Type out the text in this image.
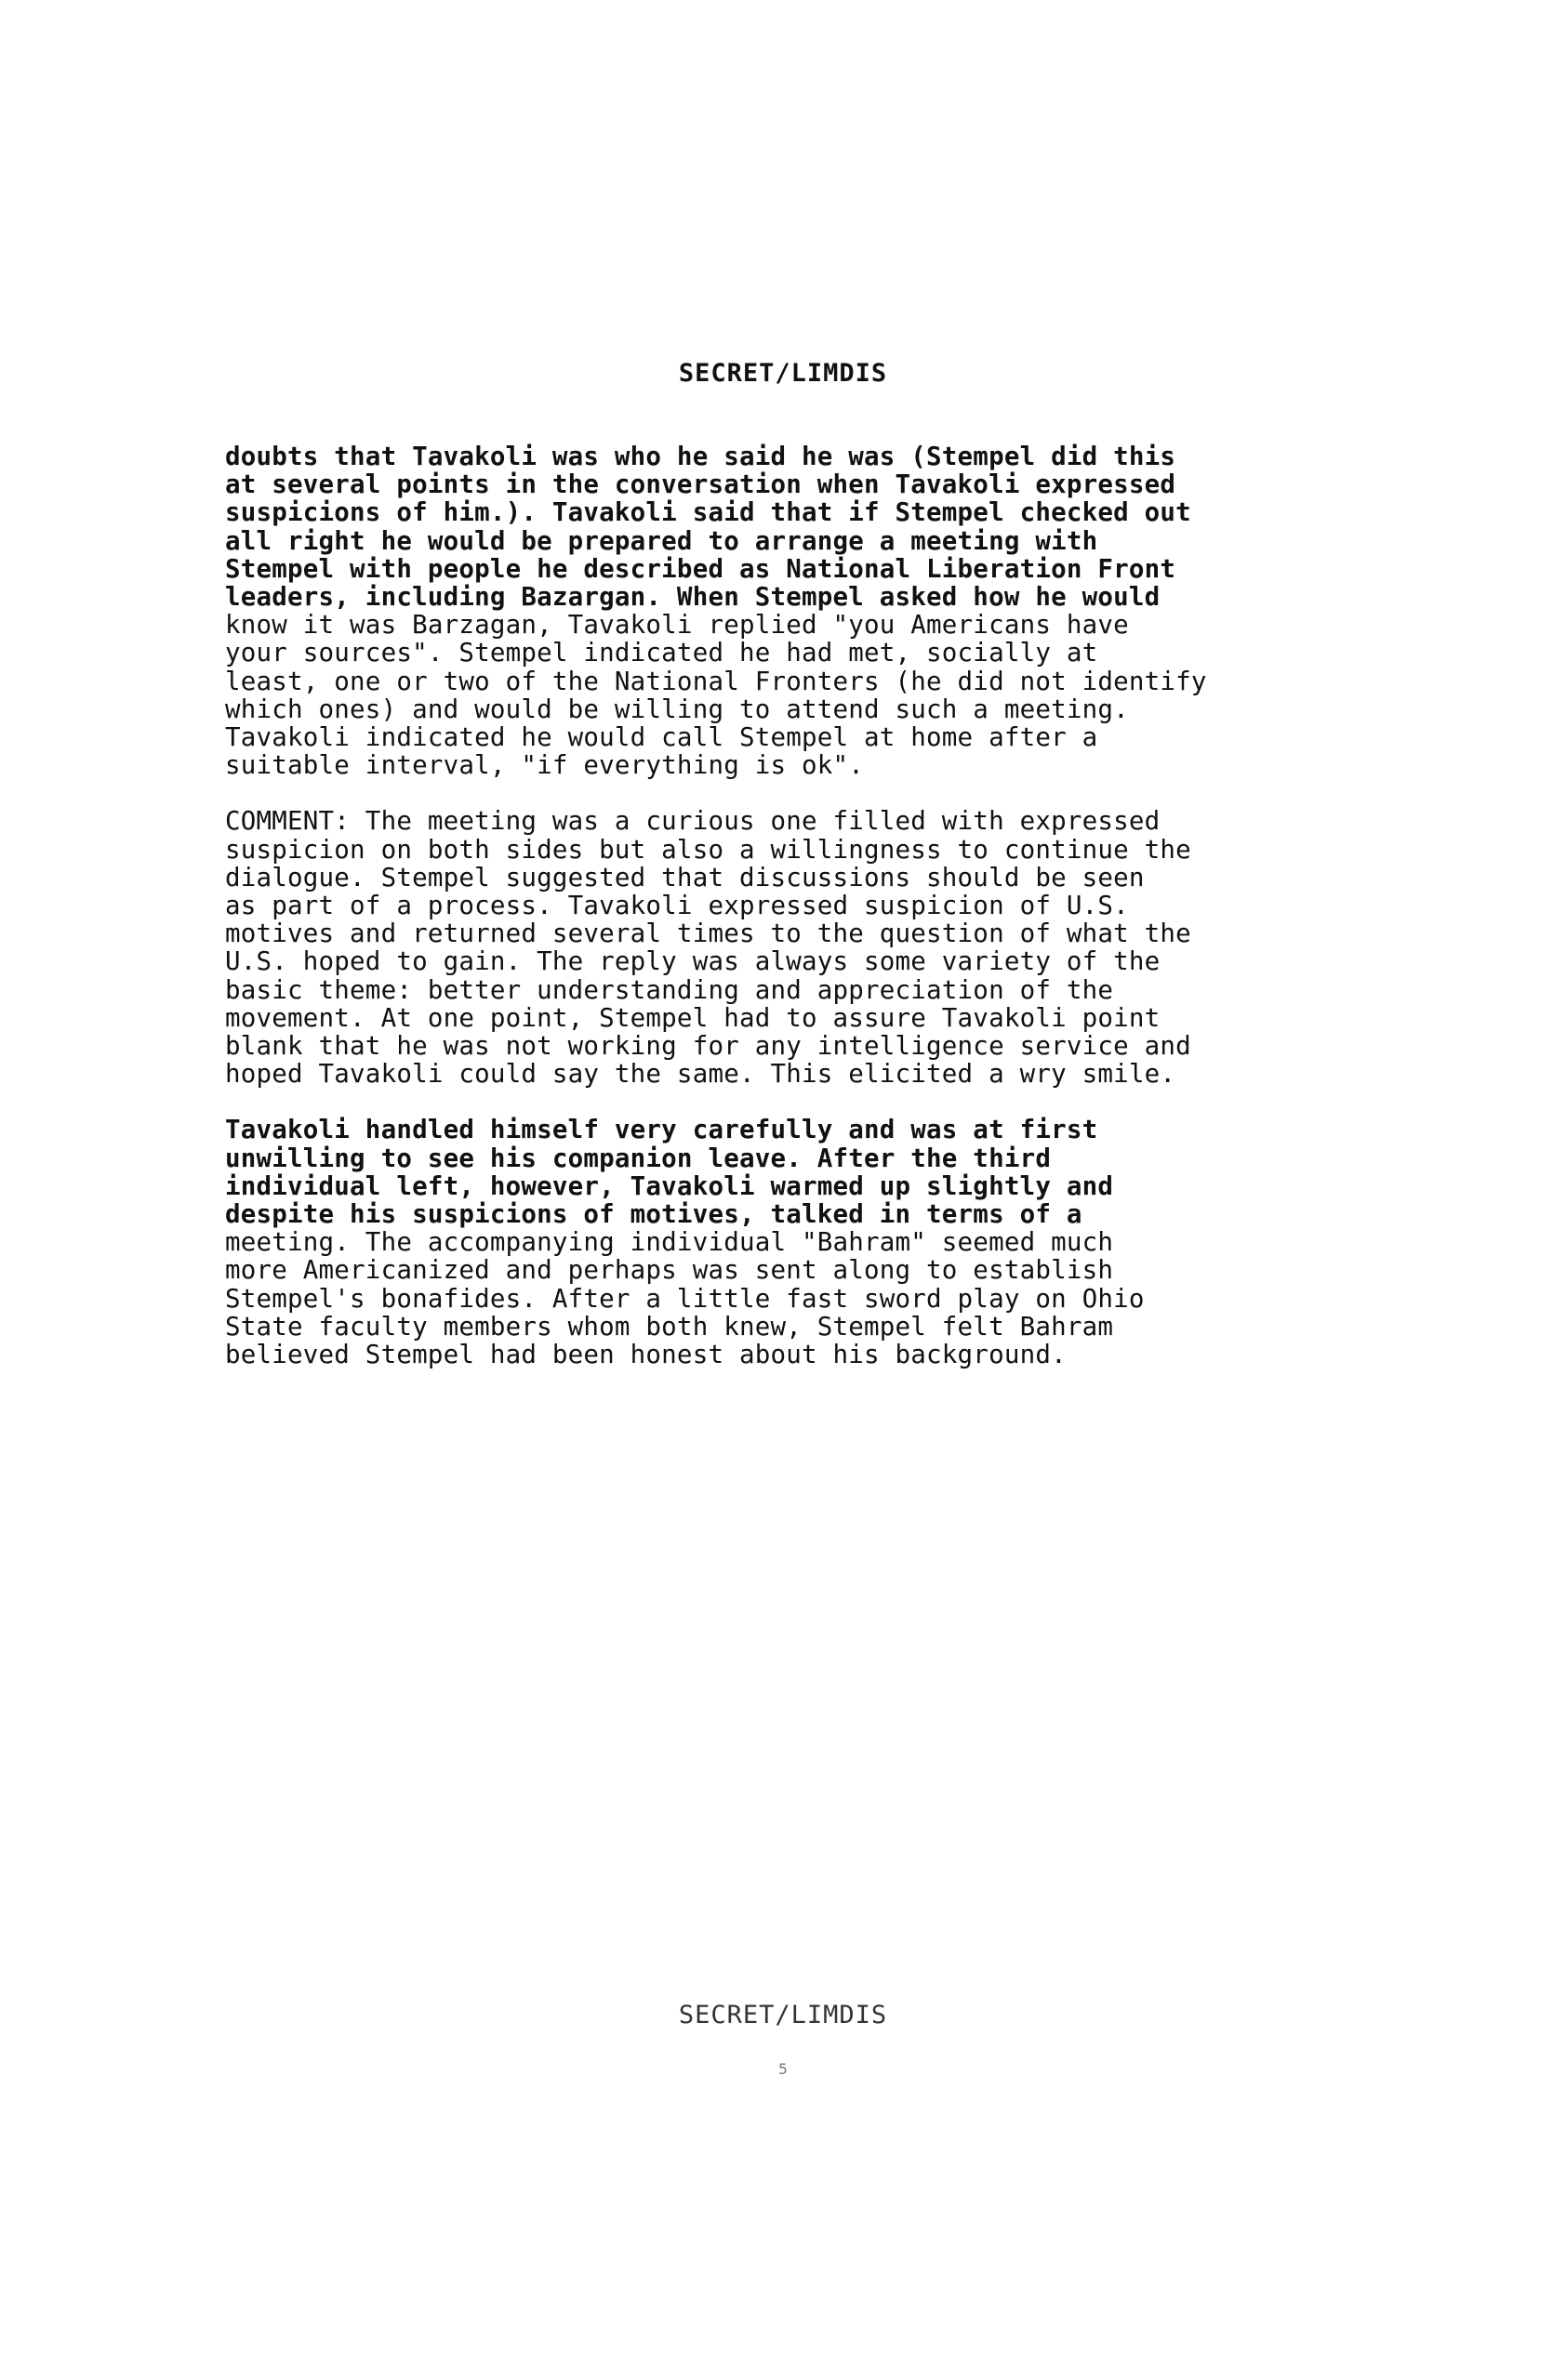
SECRET/LIMDIS
doubts that Tavakoli was who he said he was (Stempel did this
at several points in the conversation when Tavakoli expressed
suspicions of him.). Tavakoli said that if Stempel checked out
all right he would be prepared to arrange a meeting with
Stempel with people he described as National Liberation Front
leaders, including Bazargan. When Stempel asked how he would
know it was Barzagan, Tavakoli replied "you Americans have
your sources". Stempel indicated he had met, socially at
least, one or two of the National Fronters (he did not identify
which ones) and would be willing to attend such a meeting.
Tavakoli indicated he would call Stempel at home after a
suitable interval, "if everything is ok".
COMMENT: The meeting was a curious one filled with expressed
suspicion on both sides but also a willingness to continue the
dialogue. Stempel suggested that discussions should be seen
as part of a process. Tavakoli expressed suspicion of U.S.
motives and returned several times to the question of what the
U.S. hoped to gain. The reply was always some variety of the
basic theme: better understanding and appreciation of the
movement. At one point, Stempel had to assure Tavakoli point
blank that he was not working for any intelligence service and
hoped Tavakoli could say the same. This elicited a wry smile.
Tavakoli handled himself very carefully and was at first
unwilling to see his companion leave. After the third
individual left, however, Tavakoli warmed up slightly and
despite his suspicions of motives, talked in terms of a
meeting. The accompanying individual "Bahram" seemed much
more Americanized and perhaps was sent along to establish
Stempel's bonafides. After a little fast sword play on Ohio
State faculty members whom both knew, Stempel felt Bahram
believed Stempel had been honest about his background.
SECRET/LIMDIS
5
